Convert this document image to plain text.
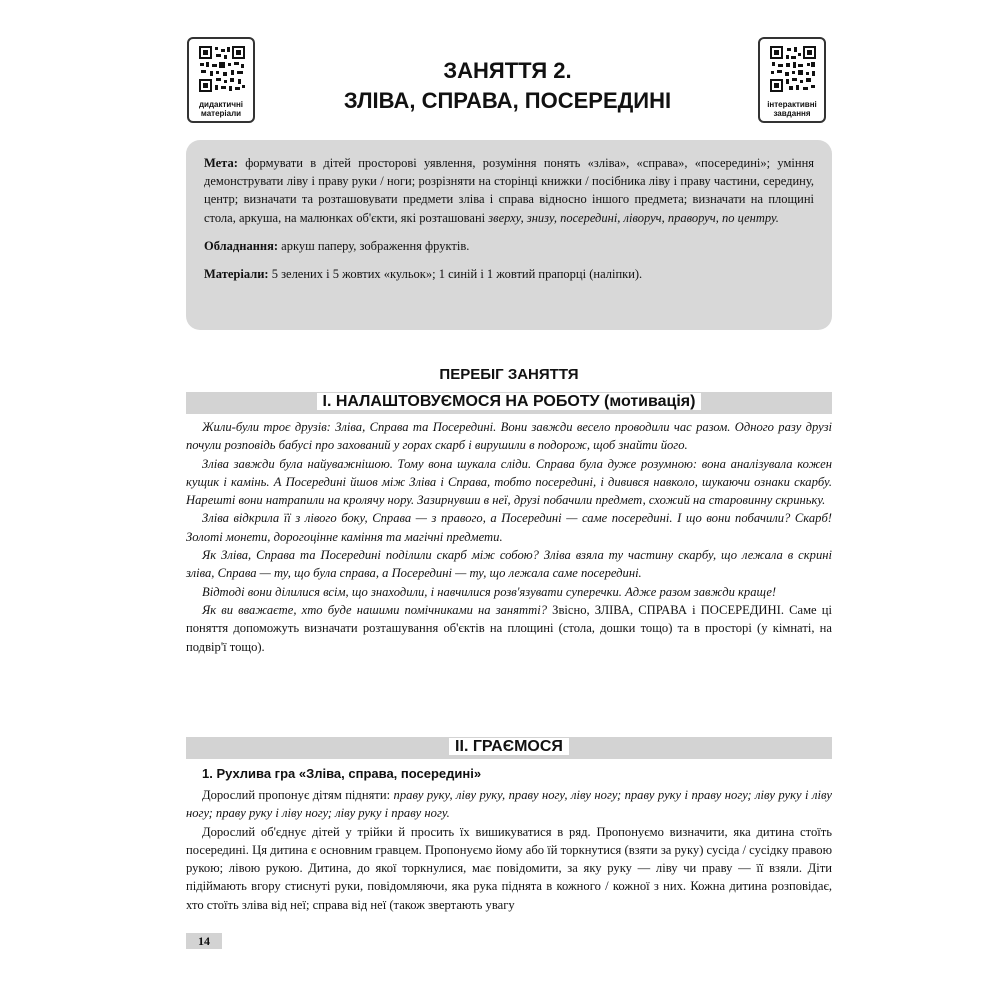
дидактичні матеріали
інтерактивні завдання
ЗАНЯТТЯ 2.
ЗЛІВА, СПРАВА, ПОСЕРЕДИНІ

Мета: формувати в дітей просторові уявлення, розуміння понять «зліва», «справа», «посередині»; уміння демонструвати ліву і праву руки / ноги; розрізняти на сторінці книжки / посібника ліву і праву частини, середину, центр; визначати та розташовувати предмети зліва і справа відносно іншого предмета; визначати на площині стола, аркуша, на малюнках об'єкти, які розташовані зверху, знизу, посередині, ліворуч, праворуч, по центру.

Обладнання: аркуш паперу, зображення фруктів.

Матеріали: 5 зелених і 5 жовтих «кульок»; 1 синій і 1 жовтий прапорці (наліпки).

ПЕРЕБІГ ЗАНЯТТЯ
І. НАЛАШТОВУЄМОСЯ НА РОБОТУ (мотивація)

Жили-були троє друзів: Зліва, Справа та Посередині. Вони завжди весело проводили час разом. Одного разу друзі почули розповідь бабусі про захований у горах скарб і вирушили в подорож, щоб знайти його.

Зліва завжди була найуважнішою. Тому вона шукала сліди. Справа була дуже розумною: вона аналізувала кожен кущик і камінь. А Посередині йшов між Зліва і Справа, тобто посередині, і дивився навколо, шукаючи ознаки скарбу. Нарешті вони натрапили на кролячу нору. Зазирнувши в неї, друзі побачили предмет, схожий на старовинну скриньку.

Зліва відкрила її з лівого боку, Справа — з правого, а Посередині — саме посередині. І що вони побачили? Скарб! Золоті монети, дорогоцінне каміння та магічні предмети.

Як Зліва, Справа та Посередині поділили скарб між собою? Зліва взяла ту частину скарбу, що лежала в скрині зліва, Справа — ту, що була справа, а Посередині — ту, що лежала саме посередині.

Відтоді вони ділилися всім, що знаходили, і навчилися розв'язувати суперечки. Адже разом завжди краще!

Як ви вважаєте, хто буде нашими помічниками на занятті? Звісно, ЗЛІВА, СПРАВА і ПОСЕРЕДИНІ. Саме ці поняття допоможуть визначати розташування об'єктів на площині (стола, дошки тощо) та в просторі (у кімнаті, на подвір'ї тощо).

ІІ. ГРАЄМОСЯ
1. Рухлива гра «Зліва, справа, посередині»

Дорослий пропонує дітям підняти: праву руку, ліву руку, праву ногу, ліву ногу; праву руку і праву ногу; ліву руку і ліву ногу; праву руку і ліву ногу; ліву руку і праву ногу.

Дорослий об'єднує дітей у трійки й просить їх вишикуватися в ряд. Пропонуємо визначити, яка дитина стоїть посередині. Ця дитина є основним гравцем. Пропонуємо йому або їй торкнутися (взяти за руку) сусіда / сусідку правою рукою; лівою рукою. Дитина, до якої торкнулися, має повідомити, за яку руку — ліву чи праву — її взяли. Діти підіймають вгору стиснуті руки, повідомляючи, яка рука піднята в кожного / кожної з них. Кожна дитина розповідає, хто стоїть зліва від неї; справа від неї (також звертають увагу

14
